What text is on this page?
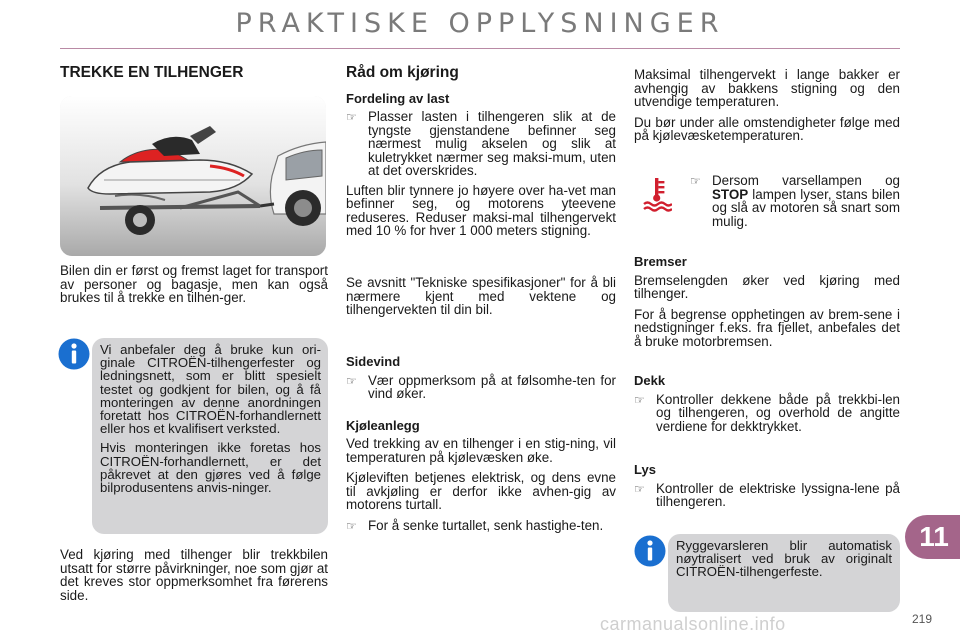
PRAKTISKE OPPLYSNINGER
TREKKE EN TILHENGER

Bilen din er først og fremst laget for transport av personer og bagasje, men kan også brukes til å trekke en tilhen-ger.

Vi anbefaler deg å bruke kun ori-ginale CITROËN-tilhengerfester og ledningsnett, som er blitt spesielt testet og godkjent for bilen, og å få monteringen av denne anordningen foretatt hos CITROËN-forhandlernett eller hos et kvalifisert verksted.

Hvis monteringen ikke foretas hos CITROËN-forhandlernett, er det påkrevet at den gjøres ved å følge bilprodusentens anvis-ninger.

Ved kjøring med tilhenger blir trekkbilen utsatt for større påvirkninger, noe som gjør at det kreves stor oppmerksomhet fra førerens side.

Råd om kjøring
Fordeling av last
☞ Plasser lasten i tilhengeren slik at de tyngste gjenstandene befinner seg nærmest mulig akselen og slik at kuletrykket nærmer seg maksi-mum, uten at det overskrides.

Luften blir tynnere jo høyere over ha-vet man befinner seg, og motorens yteevene reduseres. Reduser maksi-mal tilhengervekt med 10 % for hver 1 000 meters stigning.

Se avsnitt "Tekniske spesifikasjoner" for å bli nærmere kjent med vektene og tilhengervekten til din bil.

Sidevind
☞ Vær oppmerksom på at følsomhe-ten for vind øker.
Kjøleanlegg

Ved trekking av en tilhenger i en stig-ning, vil temperaturen på kjølevæsken øke.

Kjøleviften betjenes elektrisk, og dens evne til avkjøling er derfor ikke avhen-gig av motorens turtall.

☞ For å senke turtallet, senk hastighe-ten.

Maksimal tilhengervekt i lange bakker er avhengig av bakkens stigning og den utvendige temperaturen.

Du bør under alle omstendigheter følge med på kjølevæsketemperaturen.

☞ Dersom varsellampen og STOP lampen lyser, stans bilen og slå av motoren så snart som mulig.
Bremser

Bremselengden øker ved kjøring med tilhenger.

For å begrense opphetingen av brem-sene i nedstigninger f.eks. fra fjellet, anbefales det å bruke motorbremsen.

Dekk
☞ Kontroller dekkene både på trekkbi-len og tilhengeren, og overhold de angitte verdiene for dekktrykket.
Lys
☞ Kontroller de elektriske lyssigna-lene på tilhengeren.

Ryggevarsleren blir automatisk nøytralisert ved bruk av originalt CITROËN-tilhengerfeste.

11
carmanualsonline.info	219
